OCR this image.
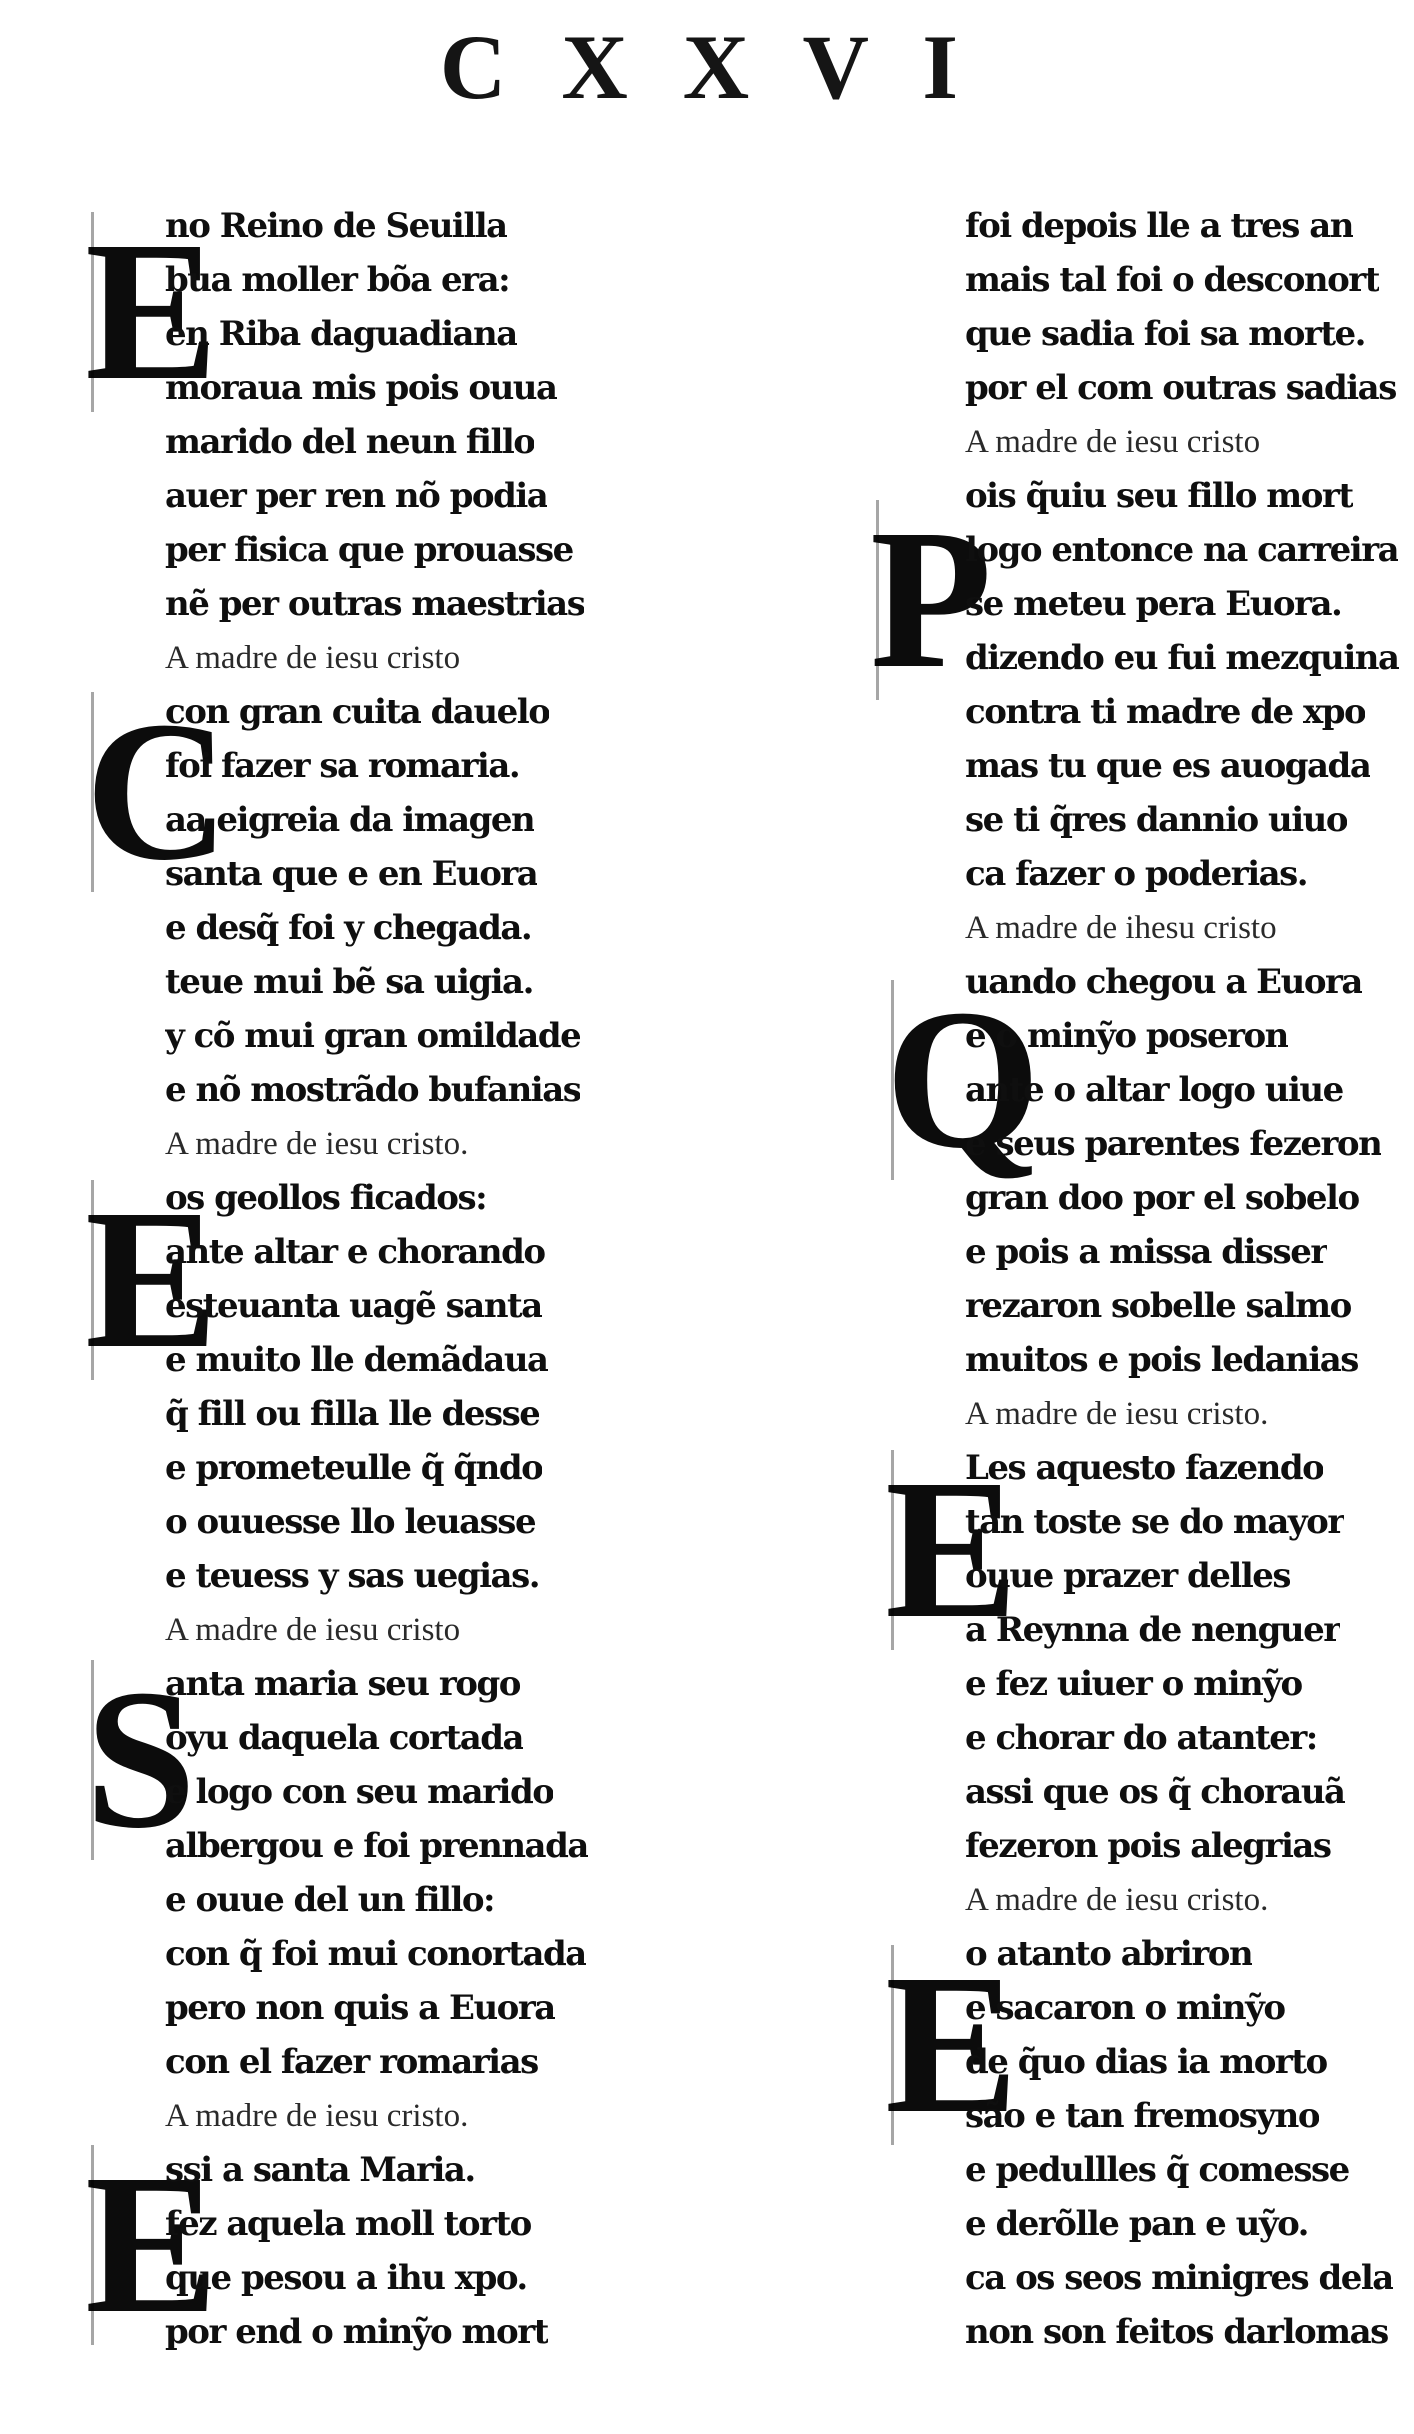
C X X V I
E
C
E
S
E
no Reino de Seuilla
bua moller bõa era:
en Riba daguadiana
moraua mis pois ouua
marido del neun fillo
auer per ren nõ podia
per fisica que prouasse
nẽ per outras maestrias
A madre de iesu cristo
con gran cuita dauelo
foi fazer sa romaria.
aa eigreia da imagen
santa que e en Euora
e desq̃ foi y chegada.
teue mui bẽ sa uigia.
y cõ mui gran omildade
e nõ mostrãdo bufanias
A madre de iesu cristo.
os geollos ficados:
ante altar e chorando
esteuanta uagẽ santa
e muito lle demãdaua
q̃ fill ou filla lle desse
e prometeulle q̃ q̃ndo
o ouuesse llo leuasse
e teuess y sas uegias.
A madre de iesu cristo
anta maria seu rogo
oyu daquela cortada
e logo con seu marido
albergou e foi prennada
e ouue del un fillo:
con q̃ foi mui conortada
pero non quis a Euora
con el fazer romarias
A madre de iesu cristo.
ssi a santa Maria.
fez aquela moll torto
que pesou a ihu xpo.
por end o minỹo mort
P
Q
E
E
foi depois lle a tres an
mais tal foi o desconort
que sadia foi sa morte.
por el com outras sadias
A madre de iesu cristo
ois q̃uiu seu fillo mort
logo entonce na carreira
se meteu pera Euora.
dizendo eu fui mezquina
contra ti madre de xpo
mas tu que es auogada
se ti q̃res dannio uiuo
ca fazer o poderias.
A madre de ihesu cristo
uando chegou a Euora
e o minỹo poseron
ante o altar logo uiue
e seus parentes fezeron
gran doo por el sobelo
e pois a missa disser
rezaron sobelle salmo
muitos e pois ledanias
A madre de iesu cristo.
Les aquesto fazendo
tan toste se do mayor
ouue prazer delles
a Reynna de nenguer
e fez uiuer o minỹo
e chorar do atanter:
assi que os q̃ chorauã
fezeron pois alegrias
A madre de iesu cristo.
o atanto abriron
e sacaron o minỹo
de q̃uo dias ia morto
são e tan fremosyno
e pedullles q̃ comesse
e derõlle pan e uỹo.
ca os seos minigres dela
non son feitos darlomas
